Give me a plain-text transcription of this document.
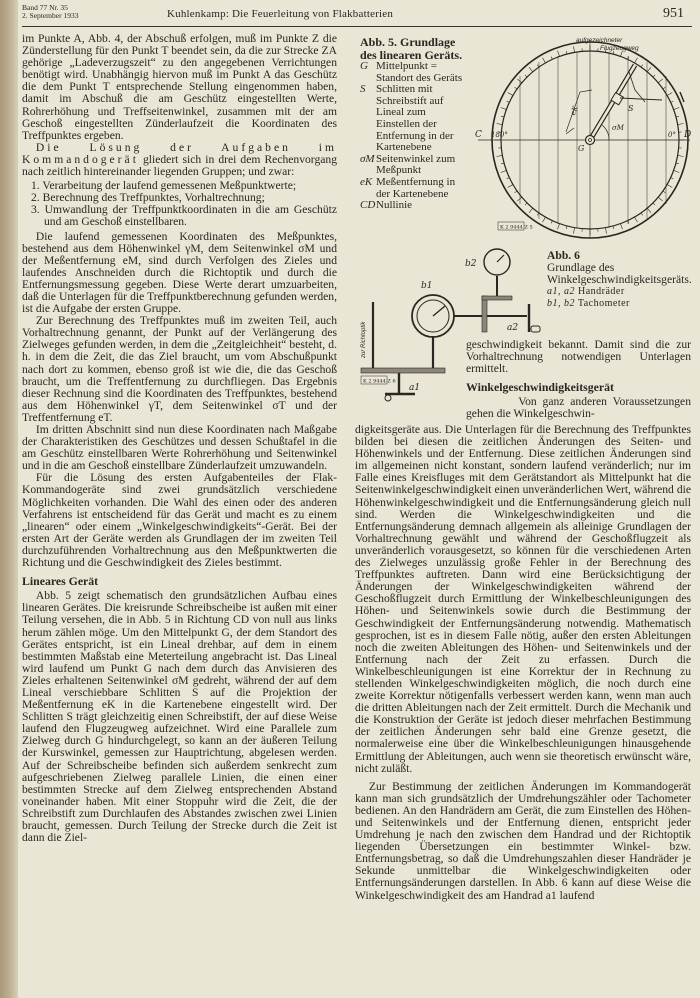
Band 77 Nr. 35
2. September 1933	Kuhlenkamp: Die Feuerleitung von Flakbatterien	951

im Punkte A, Abb. 4, der Abschuß erfolgen, muß im Punkte Z die Zünderstellung für den Punkt T beendet sein, da die zur Strecke ZA gehörige „Ladeverzugszeit“ zu den angegebenen Verrichtungen benötigt wird. Unabhängig hiervon muß im Punkt A das Geschütz die dem Punkt T entsprechende Stellung eingenommen haben, damit im Abschuß die am Geschütz eingestellten Werte, Rohrerhöhung und Treffseitenwinkel, zusammen mit der am Geschoß eingestellten Zünderlaufzeit die Koordinaten des Treffpunktes ergeben.

Die Lösung der Aufgaben im Kommandogerät gliedert sich in drei dem Rechenvorgang nach zeitlich hintereinander liegenden Gruppen; und zwar:

1. Verarbeitung der laufend gemessenen Meßpunktwerte;
2. Berechnung des Treffpunktes, Vorhaltrechnung;
3. Umwandlung der Treffpunktkoordinaten in die am Geschütz und am Geschoß einstellbaren.

Die laufend gemessenen Koordinaten des Meßpunktes, bestehend aus dem Höhenwinkel γM, dem Seitenwinkel σM und der Meßentfernung eM, sind durch Verfolgen des Zieles und laufendes Anschneiden durch die Richtoptik und durch die Entfernungsmessung gegeben. Diese Werte derart umzuarbeiten, daß die Unterlagen für die Treffpunktberechnung gefunden werden, ist die Aufgabe der ersten Gruppe.

Zur Berechnung des Treffpunktes muß im zweiten Teil, auch Vorhaltrechnung genannt, der Punkt auf der Verlängerung des Zielweges gefunden werden, in dem die „Zeitgleichheit“ besteht, d. h. in dem die Zeit, die das Ziel braucht, um vom Abschußpunkt nach dort zu kommen, ebenso groß ist wie die, die das Geschoß braucht, um die Treffentfernung zu durchfliegen. Das Ergebnis dieser Rechnung sind die Koordinaten des Treffpunktes, bestehend aus dem Höhenwinkel γT, dem Seitenwinkel σT und der Treffentfernung eT.

Im dritten Abschnitt sind nun diese Koordinaten nach Maßgabe der Charakteristiken des Geschützes und dessen Schußtafel in die am Geschütz einstellbaren Werte Rohrerhöhung und Seitenwinkel und in die am Geschoß einstellbare Zünderlaufzeit umzuwandeln.

Für die Lösung des ersten Aufgabenteiles der Flak-Kommandogeräte sind zwei grundsätzlich verschiedene Möglichkeiten vorhanden. Die Wahl des einen oder des anderen Verfahrens ist entscheidend für das Gerät und macht es zu einem „linearen“ oder einem „Winkelgeschwindigkeits“-Gerät. Bei der ersten Art der Geräte werden als Grundlagen der im zweiten Teil durchzuführenden Vorhaltrechnung aus den Meßpunktwerten die Richtung und die Geschwindigkeit des Zieles bestimmt.

Lineares Gerät

Abb. 5 zeigt schematisch den grundsätzlichen Aufbau eines linearen Gerätes. Die kreisrunde Schreibscheibe ist außen mit einer Teilung versehen, die in Abb. 5 in Richtung CD von null aus links herum zählen möge. Um den Mittelpunkt G, der dem Standort des Gerätes entspricht, ist ein Lineal drehbar, auf dem in einem bestimmten Maßstab eine Meterteilung angebracht ist. Das Lineal wird laufend um Punkt G nach dem durch das Anvisieren des Zieles erhaltenen Seitenwinkel σM gedreht, während der auf dem Lineal verschiebbare Schlitten S auf die Projektion der Meßentfernung eK in die Kartenebene eingestellt wird. Der Schlitten S trägt gleichzeitig einen Schreibstift, der auf diese Weise laufend den Flugzeugweg aufzeichnet. Wird eine Parallele zum Zielweg durch G hindurchgelegt, so kann an der äußeren Teilung der Kurswinkel, gemessen zur Hauptrichtung, abgelesen werden. Auf der Schreibscheibe befinden sich außerdem senkrecht zum aufgeschriebenen Zielweg parallele Linien, die einen einer bestimmten Strecke auf dem Zielweg entsprechenden Abstand voneinander haben. Mit einer Stoppuhr wird die Zeit, die der Schreibstift zum Durchlaufen des Abstandes zwischen zwei Linien braucht, gemessen. Durch Teilung der Strecke durch die Zeit ist dann die Ziel-

Abb. 5. Grundlage des linearen Geräts.
G Mittelpunkt = Standort des Geräts
S Schlitten mit Schreibstift auf Lineal zum Einstellen der Entfernung in der Kartenebene
σM Seitenwinkel zum Meßpunkt
eK Meßentfernung in der Kartenebene
CD Nullinie
aufgezeichneter
Flugzeugweg
C 180°	0° D
G
S
eK
σM
K 2 9444 Z 5
zur Richtoptik
b1
b2
a2
a1
K 2 9444 Z 6
Abb. 6
Grundlage des Winkelgeschwindigkeitsgeräts.
a1, a2 Handräder
b1, b2 Tachometer

geschwindigkeit bekannt. Damit sind die zur Vorhaltrechnung notwendigen Unterlagen ermittelt.

Winkelgeschwindigkeitsgerät

Von ganz anderen Voraussetzungen gehen die Winkelgeschwin-

digkeitsgeräte aus. Die Unterlagen für die Berechnung des Treffpunktes bilden bei diesen die zeitlichen Änderungen des Seiten- und Höhenwinkels und der Entfernung. Diese zeitlichen Änderungen sind im allgemeinen nicht konstant, sondern laufend veränderlich; nur im Falle eines Kreisfluges mit dem Gerätstandort als Mittelpunkt hat die Seitenwinkelgeschwindigkeit einen unveränderlichen Wert, während die Höhenwinkelgeschwindigkeit und die Entfernungsänderung gleich null sind. Werden die Winkelgeschwindigkeiten und die Entfernungsänderung demnach allgemein als alleinige Grundlagen der Vorhaltrechnung gewählt und während der Geschoßflugzeit als unveränderlich vorausgesetzt, so können für die verschiedenen Arten des Zielweges unzulässig große Fehler in der Berechnung des Treffpunktes auftreten. Dann wird eine Berücksichtigung der Änderungen der Winkelgeschwindigkeiten während der Geschoßflugzeit durch Ermittlung der Winkelbeschleunigungen des Höhen- und Seitenwinkels sowie durch die Bestimmung der Geschwindigkeit der Entfernungsänderung notwendig. Mathematisch gesprochen, ist es in diesem Falle nötig, außer den ersten Ableitungen noch die zweiten Ableitungen des Höhen- und Seitenwinkels und der Entfernung nach der Zeit zu erfassen. Durch die Winkelbeschleunigungen ist eine Korrektur der in Rechnung zu stellenden Winkelgeschwindigkeiten möglich, die noch durch eine zweite Korrektur nötigenfalls verbessert werden kann, wenn man auch die dritten Ableitungen nach der Zeit ermittelt. Durch die Mechanik und die Konstruktion der Geräte ist jedoch dieser mehrfachen Bestimmung der zeitlichen Änderungen sehr bald eine Grenze gesetzt, die normalerweise eine über die Winkelbeschleunigungen hinausgehende Ermittlung der Ableitungen, auch wenn sie theoretisch erwünscht wäre, nicht zuläßt.

Zur Bestimmung der zeitlichen Änderungen im Kommandogerät kann man sich grundsätzlich der Umdrehungszähler oder Tachometer bedienen. An den Handrädern am Gerät, die zum Einstellen des Höhen- und Seitenwinkels und der Entfernung dienen, entspricht jeder Umdrehung je nach den zwischen dem Handrad und der Richtoptik liegenden Übersetzungen ein bestimmter Winkel- bzw. Entfernungsbetrag, so daß die Umdrehungszahlen dieser Handräder je Sekunde unmittelbar die Winkelgeschwindigkeiten oder Entfernungsänderungen darstellen. In Abb. 6 kann auf diese Weise die Winkelgeschwindigkeit des am Handrad a1 laufend
